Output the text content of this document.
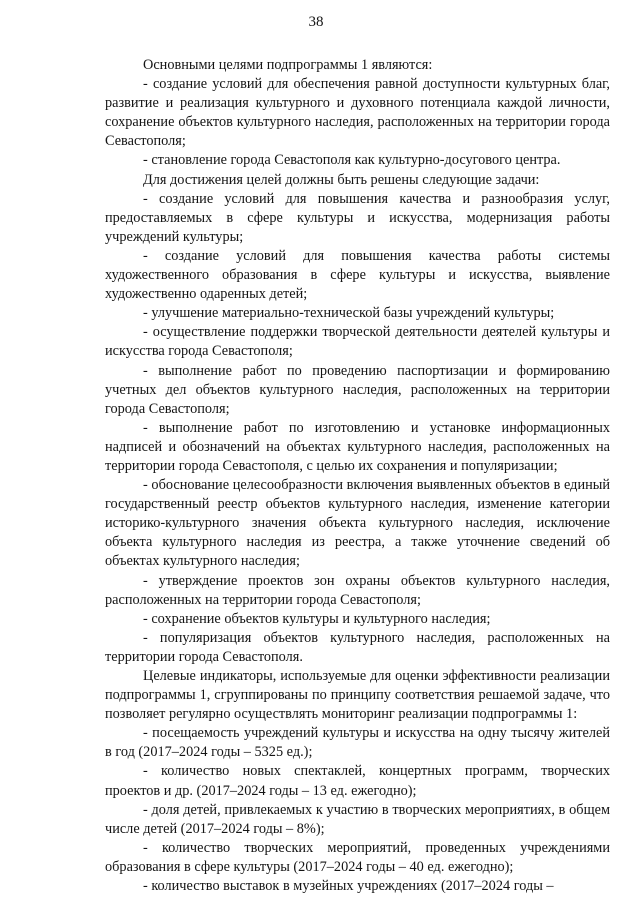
38

Основными целями подпрограммы 1 являются:

- создание условий для обеспечения равной доступности культурных благ, развитие и реализация культурного и духовного потенциала каждой личности, сохранение объектов культурного наследия, расположенных на территории города Севастополя;

- становление города Севастополя как культурно-досугового центра.

Для достижения целей должны быть решены следующие задачи:

- создание условий для повышения качества и разнообразия услуг, предоставляемых в сфере культуры и искусства, модернизация работы учреждений культуры;

- создание условий для повышения качества работы системы художественного образования в сфере культуры и искусства, выявление художественно одаренных детей;

- улучшение материально-технической базы учреждений культуры;

- осуществление поддержки творческой деятельности деятелей культуры и искусства города Севастополя;

- выполнение работ по проведению паспортизации и формированию учетных дел объектов культурного наследия, расположенных на территории города Севастополя;

- выполнение работ по изготовлению и установке информационных надписей и обозначений на объектах культурного наследия, расположенных на территории города Севастополя, с целью их сохранения и популяризации;

- обоснование целесообразности включения выявленных объектов в единый государственный реестр объектов культурного наследия, изменение категории историко-культурного значения объекта культурного наследия, исключение объекта культурного наследия из реестра, а также уточнение сведений об объектах культурного наследия;

- утверждение проектов зон охраны объектов культурного наследия, расположенных на территории города Севастополя;

- сохранение объектов культуры и культурного наследия;

- популяризация объектов культурного наследия, расположенных на территории города Севастополя.

Целевые индикаторы, используемые для оценки эффективности реализации подпрограммы 1, сгруппированы по принципу соответствия решаемой задаче, что позволяет регулярно осуществлять мониторинг реализации подпрограммы 1:

- посещаемость учреждений культуры и искусства на одну тысячу жителей в год (2017–2024 годы – 5325 ед.);

- количество новых спектаклей, концертных программ, творческих проектов и др. (2017–2024 годы – 13 ед. ежегодно);

- доля детей, привлекаемых к участию в творческих мероприятиях, в общем числе детей (2017–2024 годы – 8%);

- количество творческих мероприятий, проведенных учреждениями образования в сфере культуры (2017–2024 годы – 40 ед. ежегодно);

- количество выставок в музейных учреждениях (2017–2024 годы –
